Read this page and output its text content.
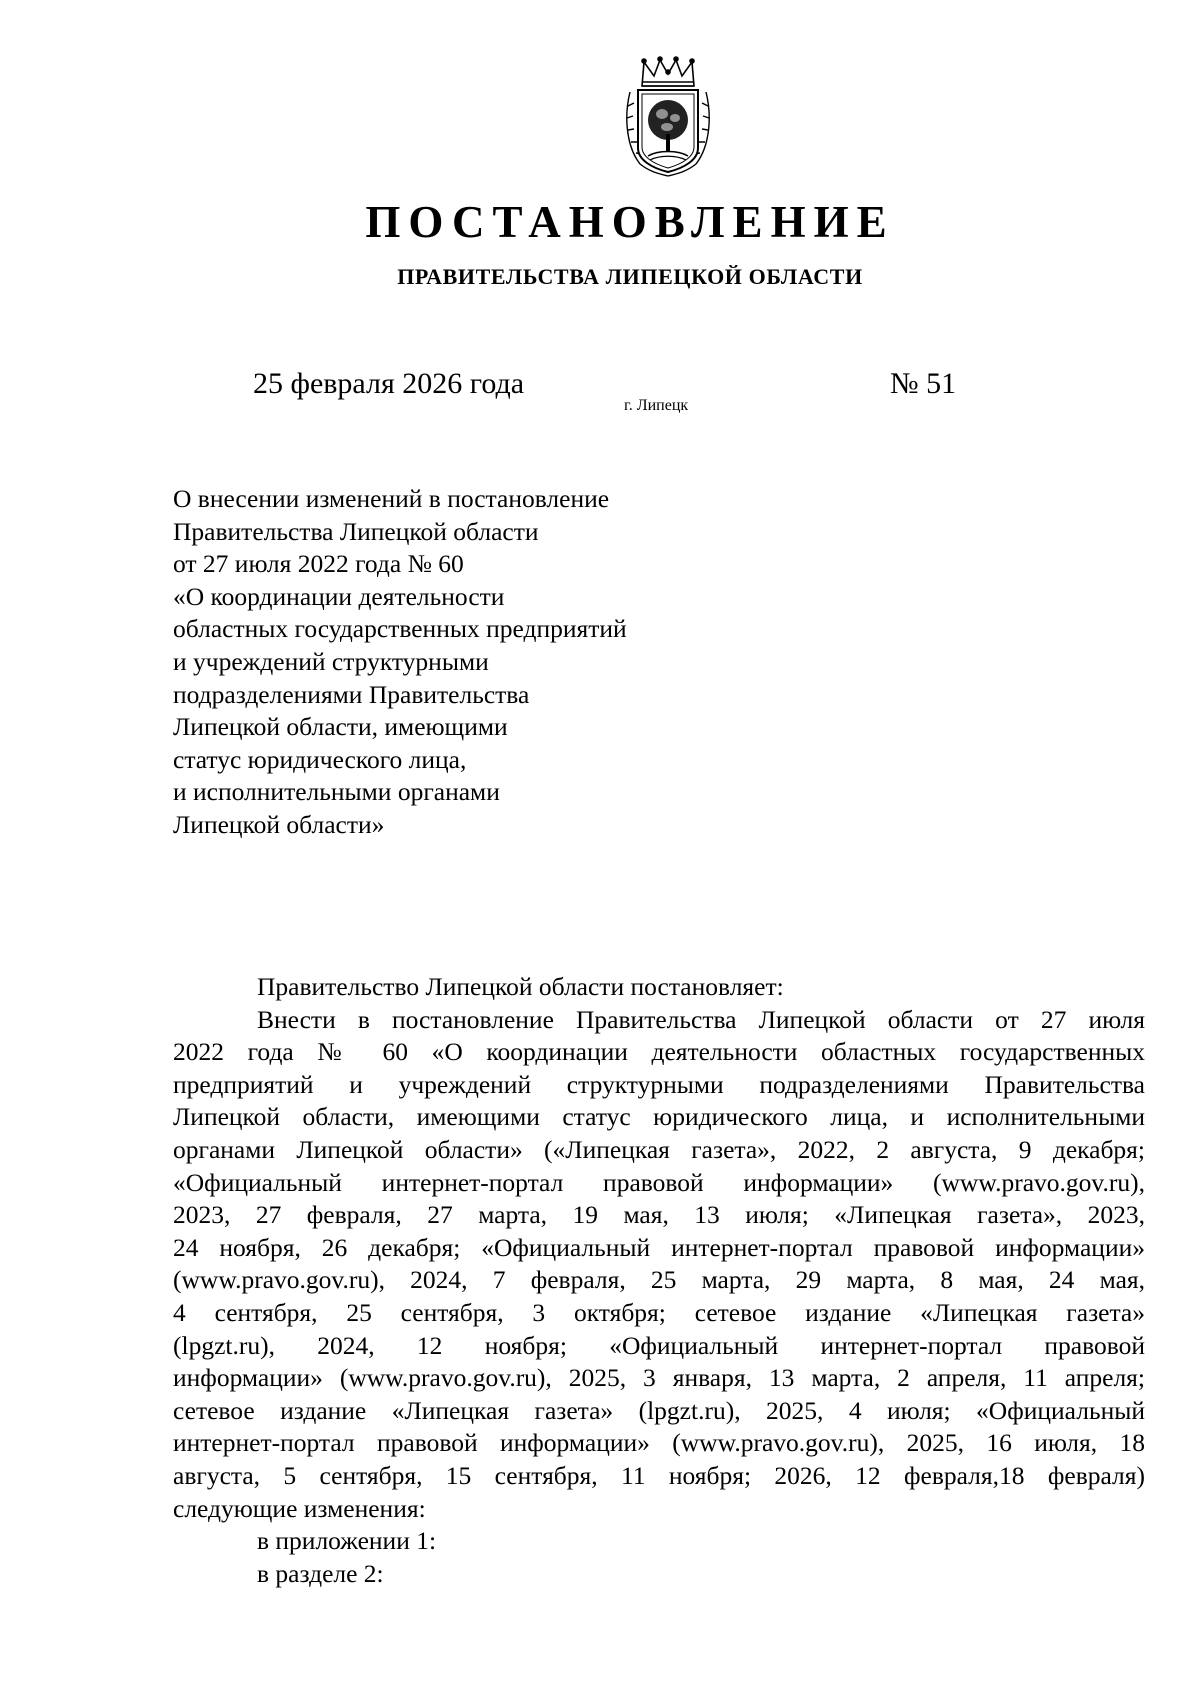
ПОСТАНОВЛЕНИЕ
ПРАВИТЕЛЬСТВА ЛИПЕЦКОЙ ОБЛАСТИ
25 февраля 2026 года
г. Липецк
№ 51
О внесении изменений в постановление
Правительства Липецкой области
от 27 июля 2022 года № 60
«О координации деятельности
областных государственных предприятий
и учреждений структурными
подразделениями Правительства
Липецкой области, имеющими
статус юридического лица,
и исполнительными органами
Липецкой области»
Правительство Липецкой области постановляет:
Внести в постановление Правительства Липецкой области от 27 июля
2022 года № 60 «О координации деятельности областных государственных
предприятий и учреждений структурными подразделениями Правительства
Липецкой области, имеющими статус юридического лица, и исполнительными
органами Липецкой области» («Липецкая газета», 2022, 2 августа, 9 декабря;
«Официальный интернет-портал правовой информации» (www.pravo.gov.ru),
2023, 27 февраля, 27 марта, 19 мая, 13 июля; «Липецкая газета», 2023,
24 ноября, 26 декабря; «Официальный интернет-портал правовой информации»
(www.pravo.gov.ru), 2024, 7 февраля, 25 марта, 29 марта, 8 мая, 24 мая,
4 сентября, 25 сентября, 3 октября; сетевое издание «Липецкая газета»
(lpgzt.ru), 2024, 12 ноября; «Официальный интернет-портал правовой
информации» (www.pravo.gov.ru), 2025, 3 января, 13 марта, 2 апреля, 11 апреля;
сетевое издание «Липецкая газета» (lpgzt.ru), 2025, 4 июля; «Официальный
интернет-портал правовой информации» (www.pravo.gov.ru), 2025, 16 июля, 18
августа, 5 сентября, 15 сентября, 11 ноября; 2026, 12 февраля,18 февраля)
следующие изменения:
в приложении 1:
в разделе 2:
